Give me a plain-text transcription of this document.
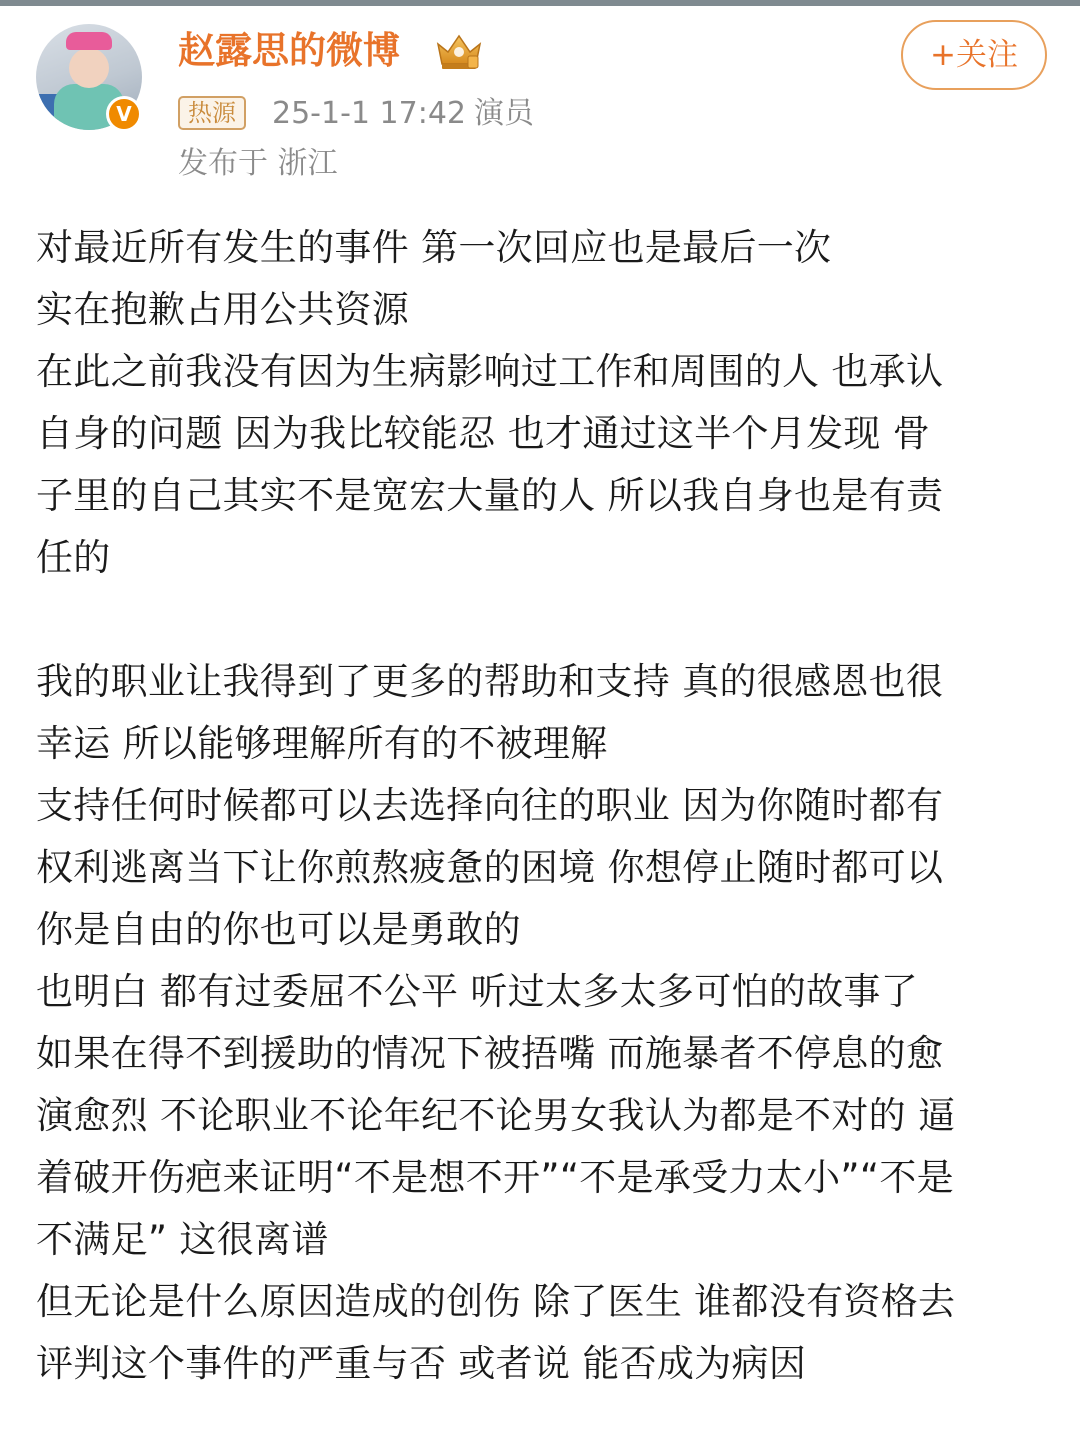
V
赵露思的微博	+关注
热源	25-1-1 17:42 演员
发布于 浙江
对最近所有发生的事件 第一次回应也是最后一次
实在抱歉占用公共资源
在此之前我没有因为生病影响过工作和周围的人 也承认
自身的问题 因为我比较能忍 也才通过这半个月发现 骨
子里的自己其实不是宽宏大量的人 所以我自身也是有责
任的
我的职业让我得到了更多的帮助和支持 真的很感恩也很
幸运 所以能够理解所有的不被理解
支持任何时候都可以去选择向往的职业 因为你随时都有
权利逃离当下让你煎熬疲惫的困境 你想停止随时都可以
你是自由的你也可以是勇敢的
也明白 都有过委屈不公平 听过太多太多可怕的故事了
如果在得不到援助的情况下被捂嘴 而施暴者不停息的愈
演愈烈 不论职业不论年纪不论男女我认为都是不对的 逼
着破开伤疤来证明“不是想不开”“不是承受力太小”“不是
不满足” 这很离谱
但无论是什么原因造成的创伤 除了医生 谁都没有资格去
评判这个事件的严重与否 或者说 能否成为病因
